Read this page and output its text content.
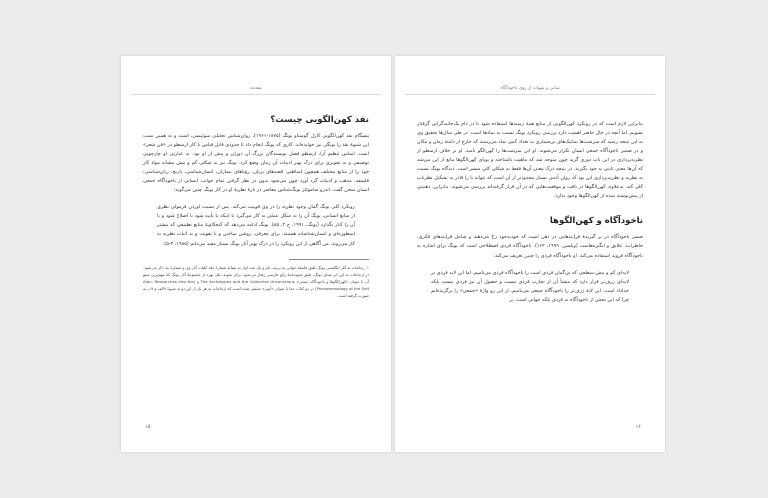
مقدمه
نقد کهن‌الگویی چیست؟

پیشگام نقد کهن‌الگویی کارل گوستاو یونگ (۱۸۷۵-۱۹۶۱)، روان‌شناس تحلیلی سوئیسی، است و به همین سبب این شیوهٔ نقد را یونگی نیز خوانده‌اند. کاری که یونگ انجام داد تا حدودی قابل قیاس با کار ارسطو در «فن شعر» است. اساس تنظیم آرا، ارسطو فصل نویسندگان بزرگ آن دوران و پیش از او بود. به عبارتی او چارچوبی توصیفی و نه تجویزی برای درک بهتر ادبیات آن زمان وضع کرد. یونگ نیز به شکلی کم و بیش مشابه مواد کار خود را از منابع مختلف همچون اساطیر، قصه‌های پریان، رؤیاهای بیماران، انسان‌شناسی، تاریخ، زبان‌شناسی، فلسفه، مذهب و ادبیات گرد آورد چون می‌شود بدون در نظر گرفتن تمام جوانب انسانی از ناخودآگاه جمعی انسان سخن گفت. اندرو ساموئلز یونگ‌شناس معاصر در بارهٔ نظریهٔ او در کار یونگ چنین می‌گوید:

روبکرد کلی یونگ گمان وجود نظریه را در وی قوییت می‌کند. پس از نسبت اوردن فرمولی نظری از منابع انسانی، یونگ آن را به شکل عملی به کار می‌گیرد تا اینکه یا تأیید شود یا اصلاح شود و یا آن را کنار بگذارد (یونگ، ۱۹۹۱، ج ۲، ۸۵). یونگ ادامه می‌دهد که کنجکاویهٔ منابع تطبیقی که بیشتر اسطوره‌ای و انسان‌شناسانه هستند، برای معرفی، روشن ساختن و یا تقویت و نه اثبات نظریه به کار می‌روند. من آگاهی از این رویکرد را در درک بهتر آثار یونگ بسیار مفید می‌دانم (۱۹۸۵، ۴-۵).

۱. رجاعات به آثار انگلیسی یونگ طبق فاصله جهانی به ترتیب نام و یک عدد اول به نشانهٔ شمارهٔ جلد کلیات آثار وی و شمارهٔ بند ذکر می‌شود. در ارجاعات به این اثر مبنای یونگ، طبق شیوه‌نامهٔ رایج فارسی رفتار می‌شود. برای نمونه، نقل بهره از مجموعهٔ آثار یونگ که مهم‌ترین منبع آن با عنوان «کهن‌الگوها و ناخودآگاه جمعی» The Archetypes and the Collective Unconscious و (Aion: Researches into the Phenomenology of the Self) در دو کتاب جدا با عنوان «آیون» منتشر شده است که ارجاعات به هر یک از این دو به شیوهٔ ۹الف و ۹ب به صورت گرفته است.

۱۵
مبانی و شهات از روی ناخودآگاه

بنابراین لازم است که در رویکرد کهن‌الگویی از منابع همهٔ زمینه‌ها استفاده شود تا در دام یک‌جانبه‌گرایی گرفتار نشویم. اما آنچه در حال حاضر اهمیت دارد بررسی رویکرد یونگ نسبت به نمادها است. در طی سال‌ها تحقیق وی به این نتیجه رسید که سرشت‌ها تماتیک‌های بی‌شماری به تعداد کمی نماد می‌رسند که خارج از دامنهٔ زمان و مکان و در ضمیر ناخودآگاه جمعی انسان تکرار می‌شوند. او این سرشت‌ها را کهن‌الگو نامید. او بر خلاف ارسطو از نظریه‌پردازی در این باب دوری گزید چون متوجه شد که ماهیت ناشناخته و پویای کهن‌الگوها مانع از این می‌شد که آن‌ها معنی ثابتی به خود بگیرند. در نتیجه درک معنی آن‌ها فقط به شکلی کلی میسر است. دیدگاه یونگ نسبت به نظریه و نظریه‌پردازی این بود که روان آدمی بسیار محدودتر از آن است که بتواند با را قادر به تشکیل نظریات کلی کند. به‌علاوه، کهن‌الگوها در بافت و موقعیت‌هایی که در آن قرار گرفته‌اند بررسی می‌شوند. بنابراین، ذهنیتی از پیش‌نوشته شده از کهن‌الگوها وجود ندارد.

ناخودآگاه و کهن‌الگوها

ضمیر ناخودآگاه در بر گیرندهٔ فرایندهایی در ذهن است که خودبه‌خود رخ می‌دهند و شامل فرایندهای فکری، خاطرات، علایق و انگیزه‌هاست (ویلسن، ۱۹۹۹، ۱۶۲). ناخودآگاه فردی اصطلاحی است که یونگ برای اشاره به ناخودآگاه فروید استفاده می‌کند. او ناخودآگاه فردی را چنین تعریف می‌کند:

لایه‌ای کم و بیش سطحی که بی‌گمان فردی است را ناخودآگاه فردی می‌نامیم. اما این لایه فردی بر لایه‌ای ژرف‌تر قرار دارد که منشأ آن از تجارب فردی نیست و حصول آن نیز فردی نیست بلکه خداداد است. این لایهٔ ژرف‌تر را ناخودآگاه جمعی می‌نامیم. از این رو واژهٔ «جمعی» را برگزیده‌ایم چرا که این بخش از ناخودآگاه نه فردی بلکه جهانی است. بر

۱۶
